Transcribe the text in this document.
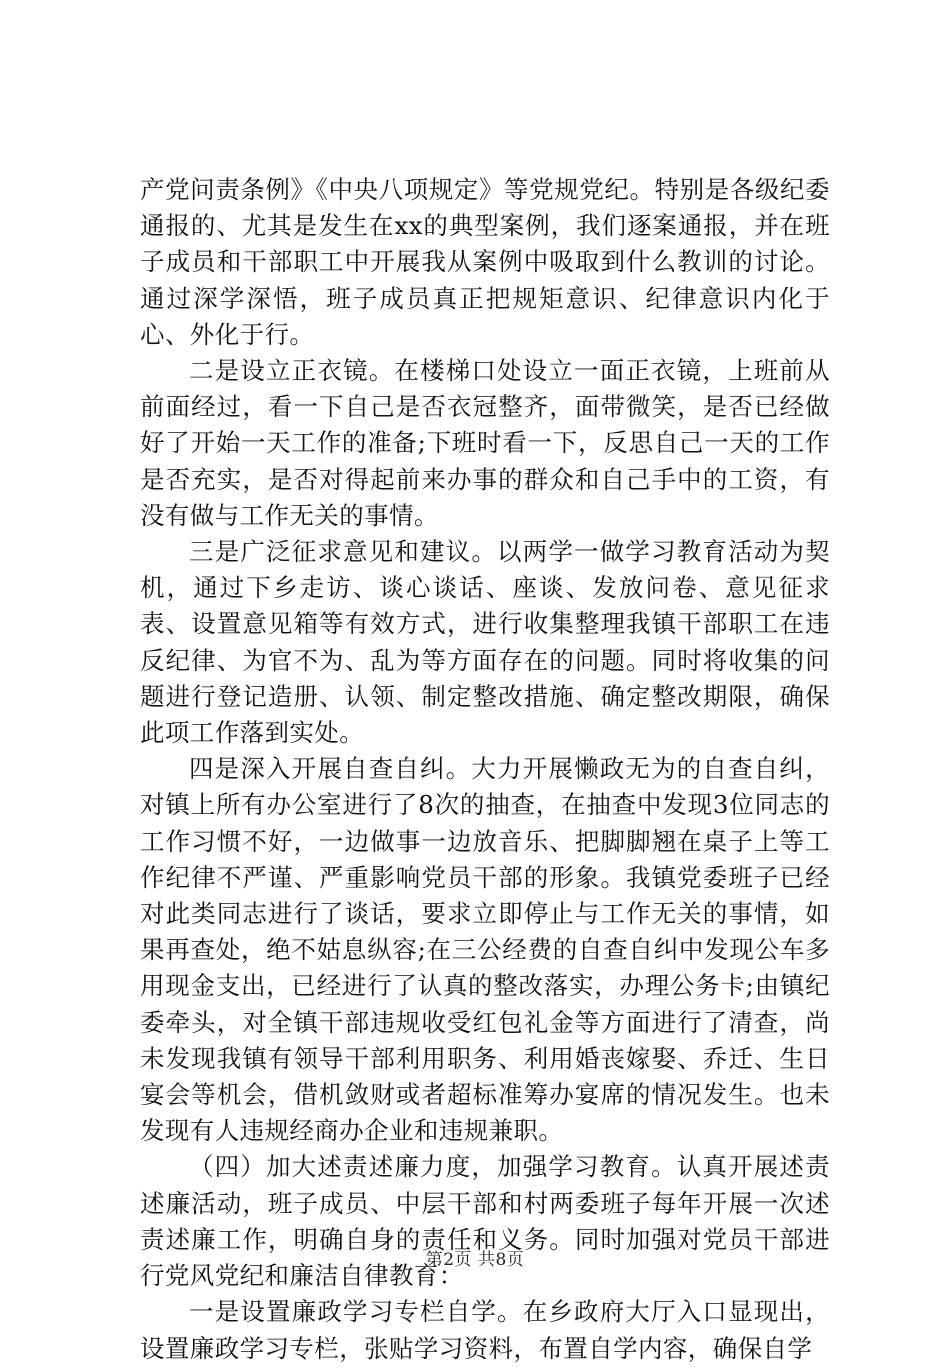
产党问责条例》《中央八项规定》等党规党纪。特别是各级纪委通报的、尤其是发生在xx的典型案例，我们逐案通报，并在班子成员和干部职工中开展我从案例中吸取到什么教训的讨论。通过深学深悟，班子成员真正把规矩意识、纪律意识内化于心、外化于行。

二是设立正衣镜。在楼梯口处设立一面正衣镜，上班前从前面经过，看一下自己是否衣冠整齐，面带微笑，是否已经做好了开始一天工作的准备;下班时看一下，反思自己一天的工作是否充实，是否对得起前来办事的群众和自己手中的工资，有没有做与工作无关的事情。

三是广泛征求意见和建议。以两学一做学习教育活动为契机，通过下乡走访、谈心谈话、座谈、发放问卷、意见征求表、设置意见箱等有效方式，进行收集整理我镇干部职工在违反纪律、为官不为、乱为等方面存在的问题。同时将收集的问题进行登记造册、认领、制定整改措施、确定整改期限，确保此项工作落到实处。

四是深入开展自查自纠。大力开展懒政无为的自查自纠，对镇上所有办公室进行了8次的抽查，在抽查中发现3位同志的工作习惯不好，一边做事一边放音乐、把脚脚翘在桌子上等工作纪律不严谨、严重影响党员干部的形象。我镇党委班子已经对此类同志进行了谈话，要求立即停止与工作无关的事情，如果再查处，绝不姑息纵容;在三公经费的自查自纠中发现公车多用现金支出，已经进行了认真的整改落实，办理公务卡;由镇纪委牵头，对全镇干部违规收受红包礼金等方面进行了清查，尚未发现我镇有领导干部利用职务、利用婚丧嫁娶、乔迁、生日宴会等机会，借机敛财或者超标准筹办宴席的情况发生。也未发现有人违规经商办企业和违规兼职。

（四）加大述责述廉力度，加强学习教育。认真开展述责述廉活动，班子成员、中层干部和村两委班子每年开展一次述责述廉工作，明确自身的责任和义务。同时加强对党员干部进行党风党纪和廉洁自律教育：

一是设置廉政学习专栏自学。在乡政府大厅入口显现出，设置廉政学习专栏，张贴学习资料，布置自学内容，确保自学

第2页 共8页
